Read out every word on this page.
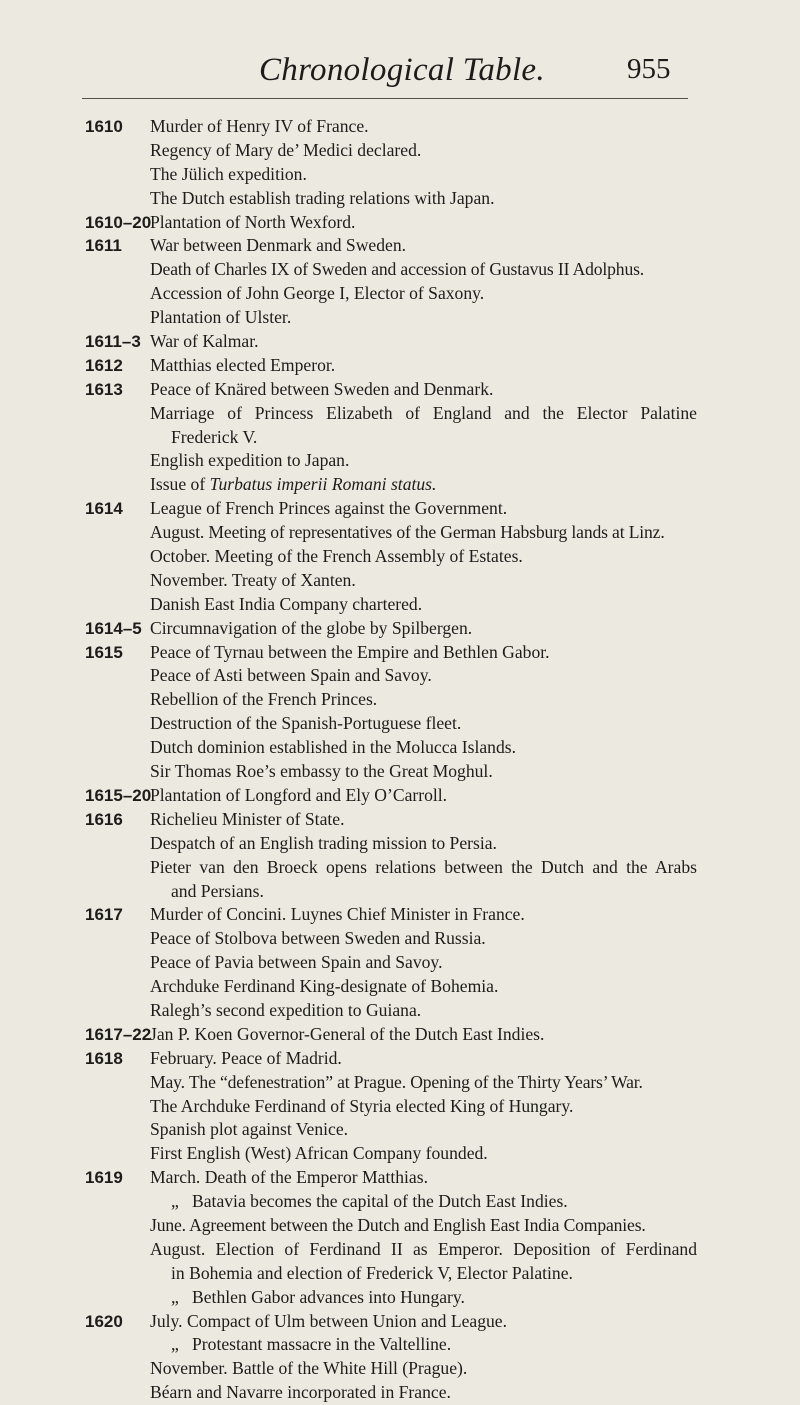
Chronological Table.	955
1610 Murder of Henry IV of France.
Regency of Mary de’ Medici declared.
The Jülich expedition.
The Dutch establish trading relations with Japan.
1610–20
Plantation of North Wexford.
1611 War between Denmark and Sweden.
Death of Charles IX of Sweden and accession of Gustavus II Adolphus.
Accession of John George I, Elector of Saxony.
Plantation of Ulster.
1611–3 War of Kalmar.
1612 Matthias elected Emperor.
1613 Peace of Knäred between Sweden and Denmark.
Marriage of Princess Elizabeth of England and the Elector Palatine
Frederick V.
English expedition to Japan.
Issue of Turbatus imperii Romani status.
1614 League of French Princes against the Government.
August. Meeting of representatives of the German Habsburg lands at Linz.
October. Meeting of the French Assembly of Estates.
November. Treaty of Xanten.
Danish East India Company chartered.
1614–5 Circumnavigation of the globe by Spilbergen.
1615 Peace of Tyrnau between the Empire and Bethlen Gabor.
Peace of Asti between Spain and Savoy.
Rebellion of the French Princes.
Destruction of the Spanish-Portuguese fleet.
Dutch dominion established in the Molucca Islands.
Sir Thomas Roe’s embassy to the Great Moghul.
1615–20
Plantation of Longford and Ely O’Carroll.
1616 Richelieu Minister of State.
Despatch of an English trading mission to Persia.
Pieter van den Broeck opens relations between the Dutch and the Arabs
and Persians.
1617 Murder of Concini. Luynes Chief Minister in France.
Peace of Stolbova between Sweden and Russia.
Peace of Pavia between Spain and Savoy.
Archduke Ferdinand King-designate of Bohemia.
Ralegh’s second expedition to Guiana.
1617–22
Jan P. Koen Governor-General of the Dutch East Indies.
1618 February. Peace of Madrid.
May. The “defenestration” at Prague. Opening of the Thirty Years’ War.
The Archduke Ferdinand of Styria elected King of Hungary.
Spanish plot against Venice.
First English (West) African Company founded.
1619 March. Death of the Emperor Matthias.
„ Batavia becomes the capital of the Dutch East Indies.
June. Agreement between the Dutch and English East India Companies.
August. Election of Ferdinand II as Emperor. Deposition of Ferdinand
in Bohemia and election of Frederick V, Elector Palatine.
„ Bethlen Gabor advances into Hungary.
1620 July. Compact of Ulm between Union and League.
„ Protestant massacre in the Valtelline.
November. Battle of the White Hill (Prague).
Béarn and Navarre incorporated in France.
